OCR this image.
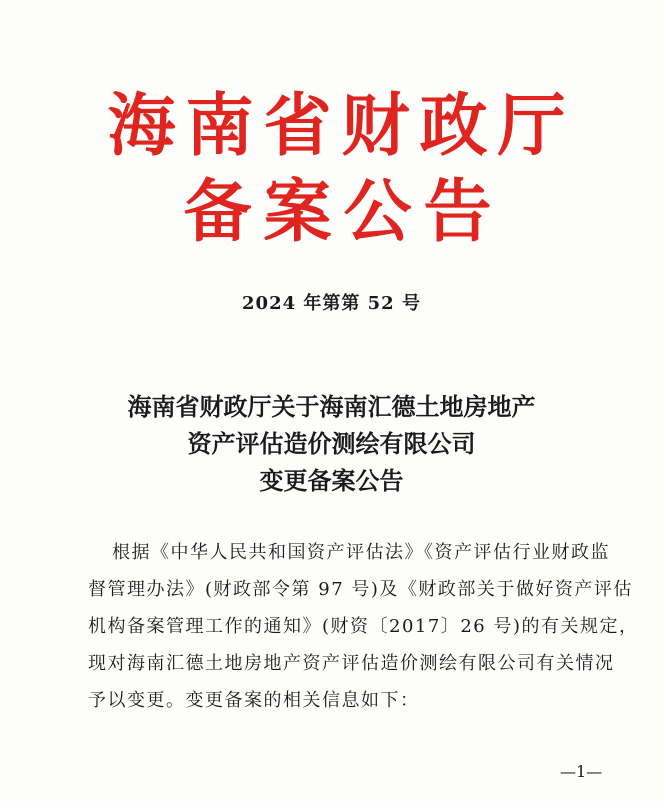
海南省财政厅
备案公告
2024 年第第 52 号
海南省财政厅关于海南汇德土地房地产
资产评估造价测绘有限公司
变更备案公告
根据《中华人民共和国资产评估法》《资产评估行业财政监
督管理办法》(财政部令第 97 号)及《财政部关于做好资产评估
机构备案管理工作的通知》(财资〔2017〕26 号)的有关规定，
现对海南汇德土地房地产资产评估造价测绘有限公司有关情况
予以变更。变更备案的相关信息如下：
—1—
